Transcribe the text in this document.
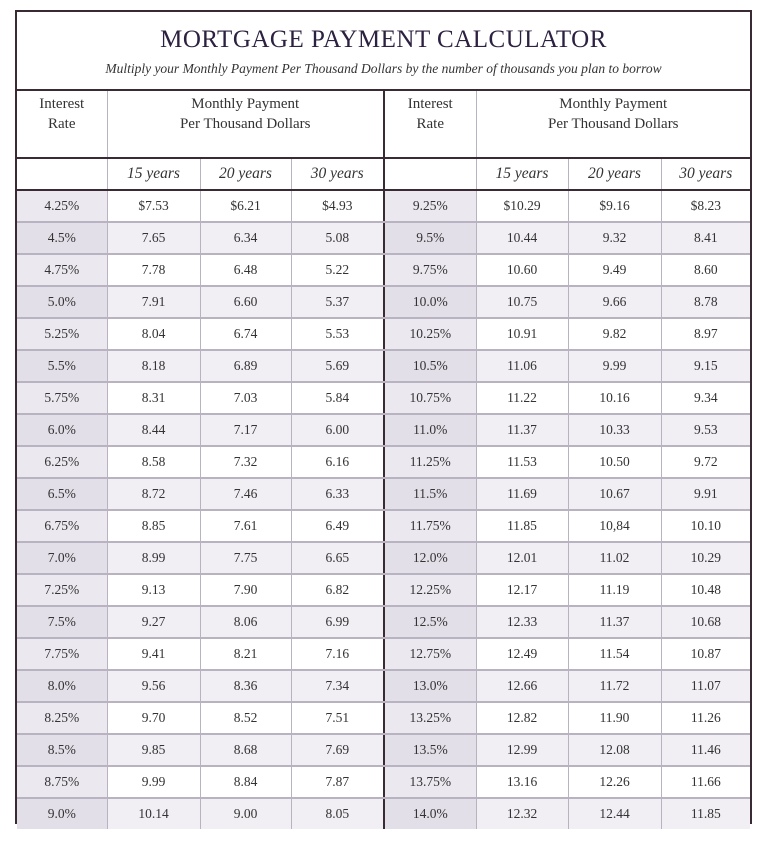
MORTGAGE PAYMENT CALCULATOR
Multiply your Monthly Payment Per Thousand Dollars by the number of thousands you plan to borrow
Interest
Rate	Monthly Payment
Per Thousand Dollars			Interest
Rate	Monthly Payment
Per Thousand Dollars		
	15 years	20 years	30 years		15 years	20 years	30 years
4.25%	$7.53	$6.21	$4.93	9.25%	$10.29	$9.16	$8.23
4.5%	7.65	6.34	5.08	9.5%	10.44	9.32	8.41
4.75%	7.78	6.48	5.22	9.75%	10.60	9.49	8.60
5.0%	7.91	6.60	5.37	10.0%	10.75	9.66	8.78
5.25%	8.04	6.74	5.53	10.25%	10.91	9.82	8.97
5.5%	8.18	6.89	5.69	10.5%	11.06	9.99	9.15
5.75%	8.31	7.03	5.84	10.75%	11.22	10.16	9.34
6.0%	8.44	7.17	6.00	11.0%	11.37	10.33	9.53
6.25%	8.58	7.32	6.16	11.25%	11.53	10.50	9.72
6.5%	8.72	7.46	6.33	11.5%	11.69	10.67	9.91
6.75%	8.85	7.61	6.49	11.75%	11.85	10,84	10.10
7.0%	8.99	7.75	6.65	12.0%	12.01	11.02	10.29
7.25%	9.13	7.90	6.82	12.25%	12.17	11.19	10.48
7.5%	9.27	8.06	6.99	12.5%	12.33	11.37	10.68
7.75%	9.41	8.21	7.16	12.75%	12.49	11.54	10.87
8.0%	9.56	8.36	7.34	13.0%	12.66	11.72	11.07
8.25%	9.70	8.52	7.51	13.25%	12.82	11.90	11.26
8.5%	9.85	8.68	7.69	13.5%	12.99	12.08	11.46
8.75%	9.99	8.84	7.87	13.75%	13.16	12.26	11.66
9.0%	10.14	9.00	8.05	14.0%	12.32	12.44	11.85
